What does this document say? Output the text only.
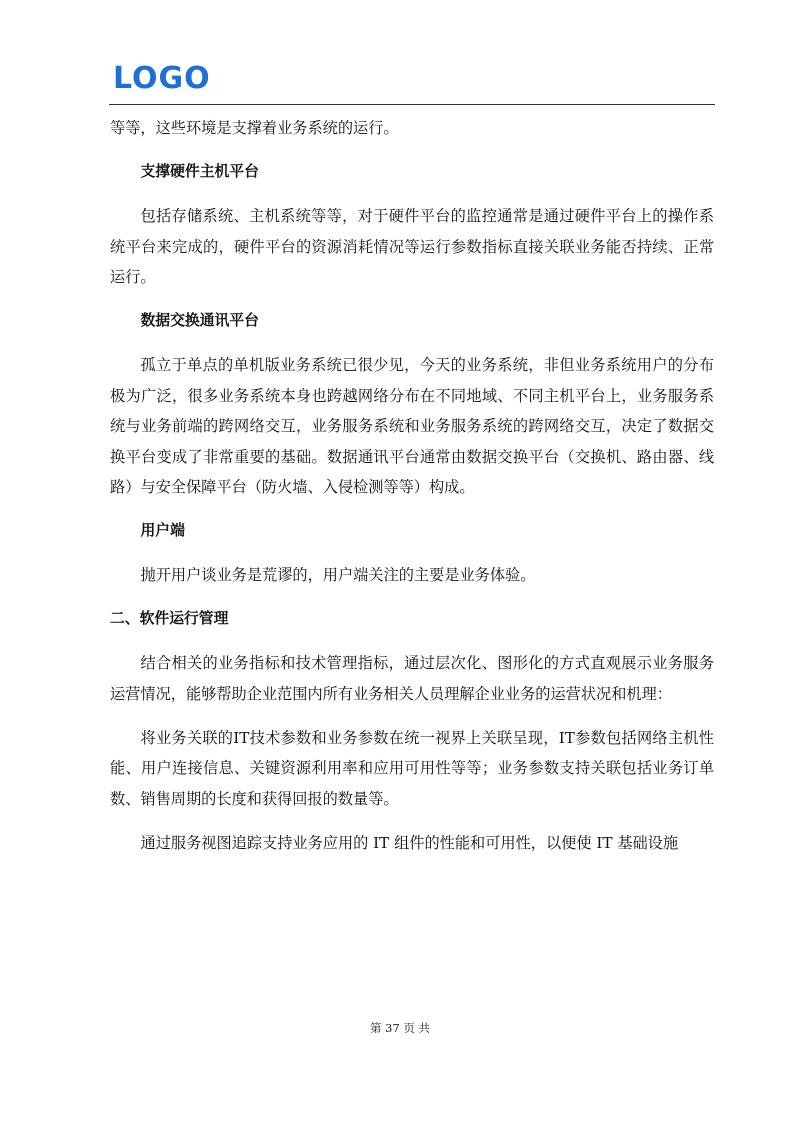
LOGO

等等，这些环境是支撑着业务系统的运行。

支撑硬件主机平台

包括存储系统、主机系统等等，对于硬件平台的监控通常是通过硬件平台上的操作系统平台来完成的，硬件平台的资源消耗情况等运行参数指标直接关联业务能否持续、正常运行。

数据交换通讯平台

孤立于单点的单机版业务系统已很少见，今天的业务系统，非但业务系统用户的分布极为广泛，很多业务系统本身也跨越网络分布在不同地域、不同主机平台上，业务服务系统与业务前端的跨网络交互，业务服务系统和业务服务系统的跨网络交互，决定了数据交换平台变成了非常重要的基础。数据通讯平台通常由数据交换平台（交换机、路由器、线路）与安全保障平台（防火墙、入侵检测等等）构成。

用户端

抛开用户谈业务是荒谬的，用户端关注的主要是业务体验。

二、软件运行管理

结合相关的业务指标和技术管理指标，通过层次化、图形化的方式直观展示业务服务运营情况，能够帮助企业范围内所有业务相关人员理解企业业务的运营状况和机理：

将业务关联的IT技术参数和业务参数在统一视界上关联呈现，IT参数包括网络主机性能、用户连接信息、关键资源利用率和应用可用性等等；业务参数支持关联包括业务订单数、销售周期的长度和获得回报的数量等。

通过服务视图追踪支持业务应用的 IT 组件的性能和可用性，以便使 IT 基础设施

第 37 页 共
